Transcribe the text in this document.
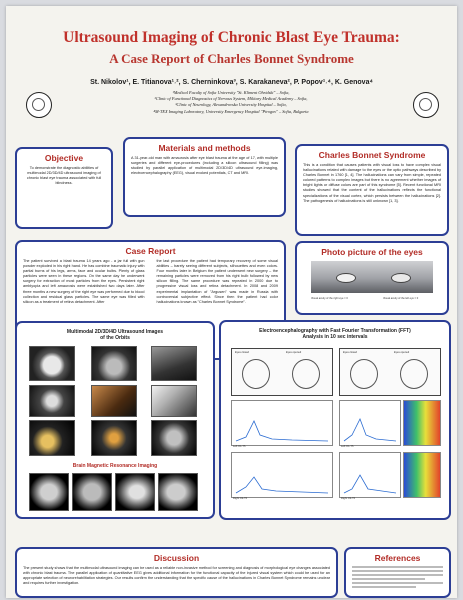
Ultrasound Imaging of Chronic Blast Eye Trauma:
A Case Report of Charles Bonnet Syndrome
St. Nikolov¹, E. Titianova¹˒², S. Cherninkova³, S. Karakaneva², P. Popov¹˒⁴, K. Genova⁴
¹Medical Faculty of Sofia University "St. Kliment Ohridski" – Sofia,
²Clinic of Functional Diagnostics of Nervous System, Military Medical Academy – Sofia,
³Clinic of Neurology, Alexandrovska University Hospital – Sofia,
⁴M-TEX Imaging Laboratory, University Emergency Hospital "Pirogov" – Sofia, Bulgaria
Objective

To demonstrate the diagnostic abilities of multimodal 2D/3D/4D ultrasound imaging of chronic blast eye trauma associated with full blindness.

Materials and methods

A 31-year-old man with amaurosis after eye blast trauma at the age of 17, with multiple surgeries and different eye-procedures (including a silicon ultrasound filling) was studied by parallel application of multimodal 2D/3D/4D ultrasound eye-imaging, electroencephalography (EEG), visual evoked potentials, CT and MRI.

Charles Bonnet Syndrome

This is a condition that causes patients with visual loss to have complex visual hallucinations related with damage to the eyes or the optic pathways described by Charles Bonnet in 1760 [1, 4]. The hallucinations can vary from simple, repeated colored patterns to complex images but there is no agreement whether images of bright lights or diffuse colors are part of this syndrome [5]. Recent functional MRI studies showed that the content of the hallucinations reflects the functional specializations of the visual cortex, which persists between the hallucinations [2]. The pathogenesis of hallucinations is still unknown [1, 3].

Case Report

The patient survived a blast trauma 14 years ago - a jar full with gun powder exploded in his right hand. He has combine traumatic injury with partial burns of his legs, arms, face and ocular bulbs. Plenty of glass particles were seen in these regions. On the same day he underwent surgery for extraction of most particles from the eyes. Persistent right amblyopia and left amaurosis were established two days later. After three months a new surgery of the right eye was performed due to blood collection and residual glass particles. The same eye was filled with silicon as a treatment of retina detachment. After

the last procedure the patient had temporary recovery of some visual abilities – barely seeing different subjects, silhouettes and even colors. Four months later in Belgium the patient underwent new surgery – the remaining particles were removed from his right bulb followed by new silicon filling. The same procedure was repeated in 2000 due to progressive visual loss and retina detachment. In 2008 and 2009 experimental implantation of "Argusen" was made in Russia with controversial subjective effect. Since then the patient had color hallucinations known as "Charles Bonnet Syndrome".

Photo picture of the eyes
Visual acuity of the right eye = 0	Visual acuity of the left eye = 0
Multimodal 2D/3D/4D Ultrasound Images
of the Orbits
Brain Magnetic Resonance Imaging
Electroencephalography with Fast Fourier Transformation (FFT)
Analysis in 10 sec intervals
Eyes closed	Eyes opened	Eyes closed	Eyes opened
Left O1-T5	Left O1-T5
Right O2-T6	Right O2-T6
Discussion

The present study shows that the multimodal ultrasound imaging can be used as a reliable non-invasive method for screening and diagnosis of morphological eye changes associated with chronic blast trauma. The parallel application of quantitative EEG gives additional information for the functional capacity of the injured visual system which could be used for an appropriate selection of neurorehabilitation strategies. Our results confirm the understanding that the specific cause of the hallucinations in Charles Bonnet Syndrome remains unclear and requires further investigation.

References
